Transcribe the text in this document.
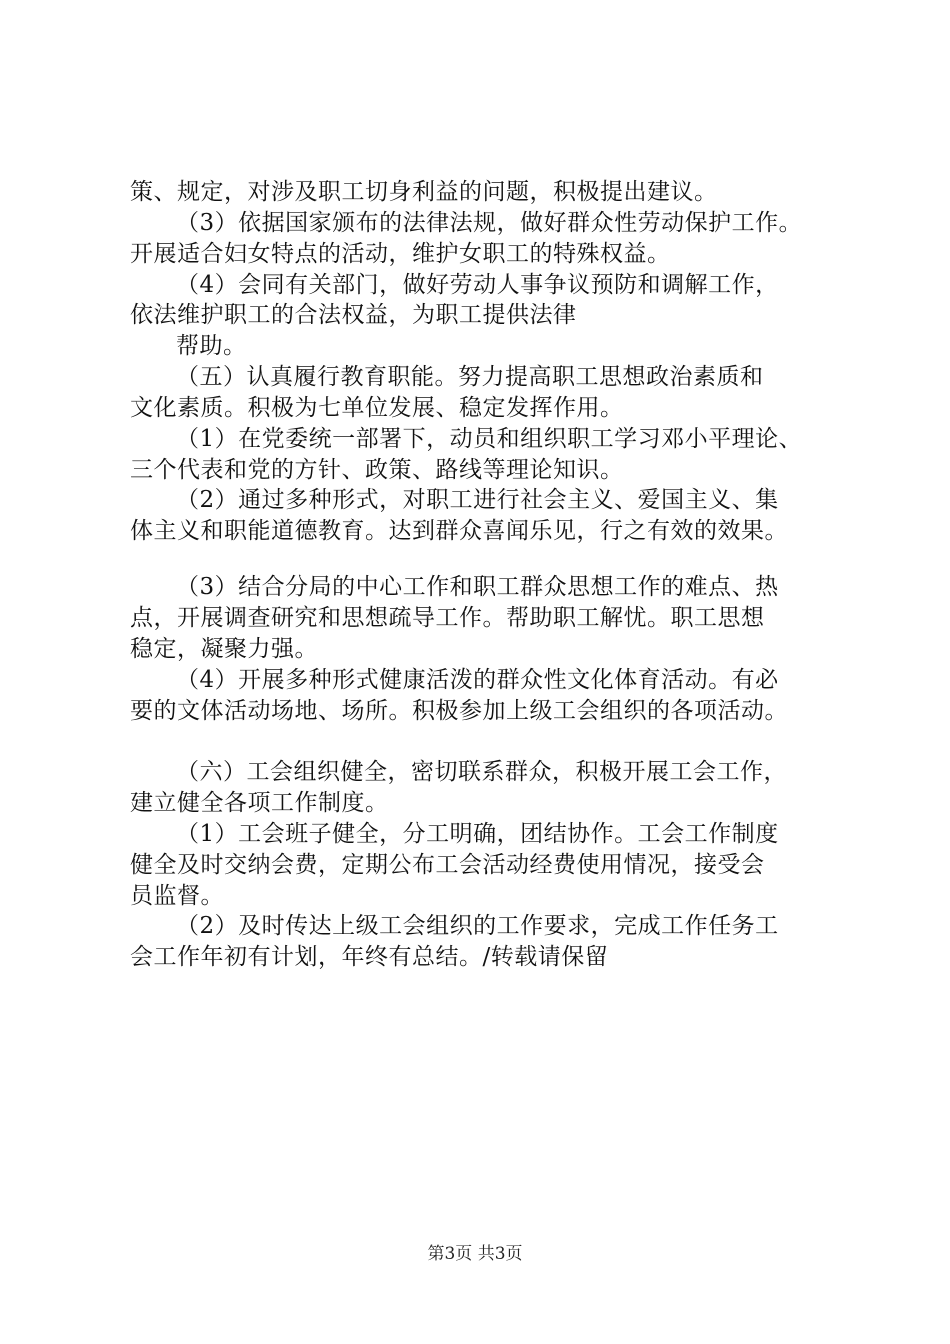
策、规定，对涉及职工切身利益的问题，积极提出建议。
（3）依据国家颁布的法律法规，做好群众性劳动保护工作。
开展适合妇女特点的活动，维护女职工的特殊权益。
（4）会同有关部门，做好劳动人事争议预防和调解工作，
依法维护职工的合法权益，为职工提供法律
帮助。
（五）认真履行教育职能。努力提高职工思想政治素质和
文化素质。积极为七单位发展、稳定发挥作用。
（1）在党委统一部署下，动员和组织职工学习邓小平理论、
三个代表和党的方针、政策、路线等理论知识。
（2）通过多种形式，对职工进行社会主义、爱国主义、集
体主义和职能道德教育。达到群众喜闻乐见，行之有效的效果。
（3）结合分局的中心工作和职工群众思想工作的难点、热
点，开展调查研究和思想疏导工作。帮助职工解忧。职工思想
稳定，凝聚力强。
（4）开展多种形式健康活泼的群众性文化体育活动。有必
要的文体活动场地、场所。积极参加上级工会组织的各项活动。
（六）工会组织健全，密切联系群众，积极开展工会工作，
建立健全各项工作制度。
（1）工会班子健全，分工明确，团结协作。工会工作制度
健全及时交纳会费，定期公布工会活动经费使用情况，接受会
员监督。
（2）及时传达上级工会组织的工作要求，完成工作任务工
会工作年初有计划，年终有总结。/转载请保留
第3页 共3页
